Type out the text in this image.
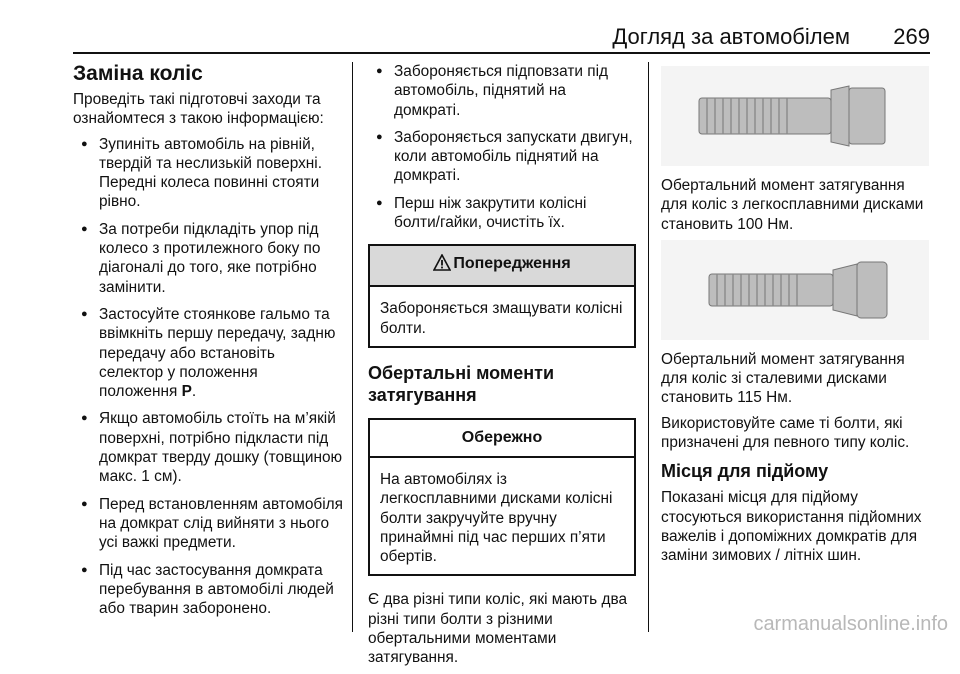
Догляд за автомобілем 269
Заміна коліс

Проведіть такі підготовчі заходи та ознайомтеся з такою інформацією:

● Зупиніть автомобіль на рівній, твердій та неслизькій поверхні. Передні колеса повинні стояти рівно.
● За потреби підкладіть упор під колесо з протилежного боку по діагоналі до того, яке потрібно замінити.
● Застосуйте стоянкове гальмо та ввімкніть першу передачу, задню передачу або встановіть селектор у положення
положення P.
● Якщо автомобіль стоїть на м’якій поверхні, потрібно підкласти під домкрат тверду дошку (товщиною макс. 1 см).
● Перед встановленням автомобіля на домкрат слід вийняти з нього усі важкі предмети.
● Під час застосування домкрата перебування в автомобілі людей або тварин заборонено.
● Забороняється підповзати під автомобіль, піднятий на домкраті.
● Забороняється запускати двигун, коли автомобіль піднятий на домкраті.
● Перш ніж закрутити колісні болти/гайки, очистіть їх.
Попередження
Забороняється змащувати колісні болти.
Обертальні моменти затягування
Обережно
На автомобілях із легкосплавними дисками колісні болти закручуйте вручну принаймні під час перших п’яти обертів.

Є два різні типи коліс, які мають два різні типи болти з різними обертальними моментами затягування.

Обертальний момент затягування для коліс з легкосплавними дисками становить 100 Нм.

Обертальний момент затягування для коліс зі сталевими дисками становить 115 Нм.

Використовуйте саме ті болти, які призначені для певного типу коліс.

Місця для підйому

Показані місця для підйому стосуються використання підйомних важелів і допоміжних домкратів для заміни зимових / літніх шин.

carmanualsonline.info
